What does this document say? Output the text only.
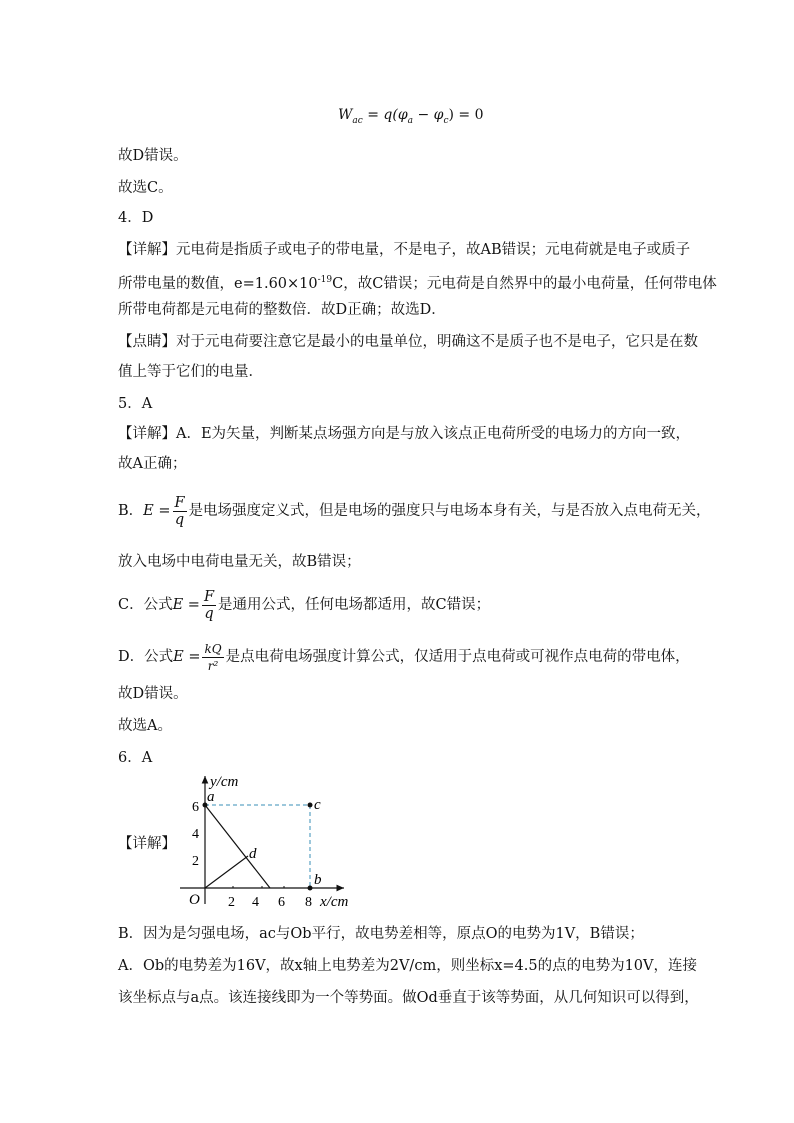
$W_{ac} = q(\varphi_a - \varphi_c) = 0$
故D错误。
故选C。
4．D
【详解】元电荷是指质子或电子的带电量，不是电子，故AB错误；元电荷就是电子或质子
所带电量的数值，$e=1.60\times 10^{-19}C$，故C错误；元电荷是自然界中的最小电荷量，任何带电体
所带电荷都是元电荷的整数倍．故D正确；故选D．
【点睛】对于元电荷要注意它是最小的电量单位，明确这不是质子也不是电子，它只是在数
值上等于它们的电量．
5．A
【详解】A．E为矢量，判断某点场强方向是与放入该点正电荷所受的电场力的方向一致，
故A正确；
B．$E = \frac{F}{q}$ 是电场强度定义式，但是电场的强度只与电场本身有关，与是否放入点电荷无关，
放入电场中电荷电量无关，故B错误；
C．公式$E = \frac{F}{q}$ 是通用公式，任何电场都适用，故C错误；
D．公式$E = \frac{kQ}{\text{r²}}$ 是点电荷电场强度计算公式，仅适用于点电荷或可视作点电荷的带电体，
故D错误。
故选A。
6．A
【详解】
y/cm
x/cm
O 2 4 6 8
2
4
6
a	c
b
d
B．因为是匀强电场，ac与Ob平行，故电势差相等，原点O的电势为1V，B错误；
A．Ob的电势差为16V，故x轴上电势差为2V/cm，则坐标x=4.5的点的电势为10V，连接
该坐标点与a点。该连接线即为一个等势面。做Od垂直于该等势面，从几何知识可以得到，
